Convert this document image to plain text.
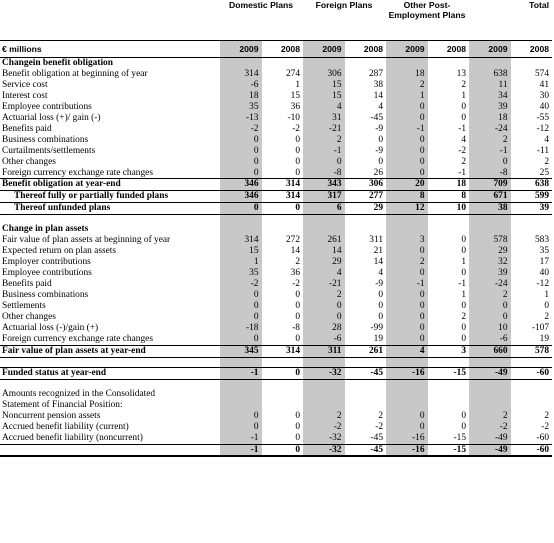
	Domestic Plans		Foreign Plans		Other Post-Employment Plans		Total	
€ millions	2009	2008	2009	2008	2009	2008	2009	2008
Changein benefit obligation								
Benefit obligation at beginning of year	314	274	306	287	18	13	638	574
Service cost	-6	1	15	38	2	2	11	41
Interest cost	18	15	15	14	1	1	34	30
Employee contributions	35	36	4	4	0	0	39	40
Actuarial loss (+)/ gain (-)	-13	-10	31	-45	0	0	18	-55
Benefits paid	-2	-2	-21	-9	-1	-1	-24	-12
Business combinations	0	0	2	0	0	4	2	4
Curtailments/settlements	0	0	-1	-9	0	-2	-1	-11
Other changes	0	0	0	0	0	2	0	2
Foreign currency exchange rate changes	0	0	-8	26	0	-1	-8	25
Benefit obligation at year-end	346	314	343	306	20	18	709	638
Thereof fully or partially funded plans	346	314	317	277	8	8	671	599
Thereof unfunded plans	0	0	6	29	12	10	38	39

Change in plan assets								
Fair value of plan assets at beginning of year	314	272	261	311	3	0	578	583
Expected return on plan assets	15	14	14	21	0	0	29	35
Employer contributions	1	2	29	14	2	1	32	17
Employee contributions	35	36	4	4	0	0	39	40
Benefits paid	-2	-2	-21	-9	-1	-1	-24	-12
Business combinations	0	0	2	0	0	1	2	1
Settlements	0	0	0	0	0	0	0	0
Other changes	0	0	0	0	0	2	0	2
Actuarial loss (-)/gain (+)	-18	-8	28	-99	0	0	10	-107
Foreign currency exchange rate changes	0	0	-6	19	0	0	-6	19
Fair value of plan assets at year-end	345	314	311	261	4	3	660	578

Funded status at year-end	-1	0	-32	-45	-16	-15	-49	-60

Amounts recognized in the Consolidated								
Statement of Financial Position:								
Noncurrent pension assets	0	0	2	2	0	0	2	2
Accrued benefit liability (current)	0	0	-2	-2	0	0	-2	-2
Accrued benefit liability (noncurrent)	-1	0	-32	-45	-16	-15	-49	-60
	-1	0	-32	-45	-16	-15	-49	-60
